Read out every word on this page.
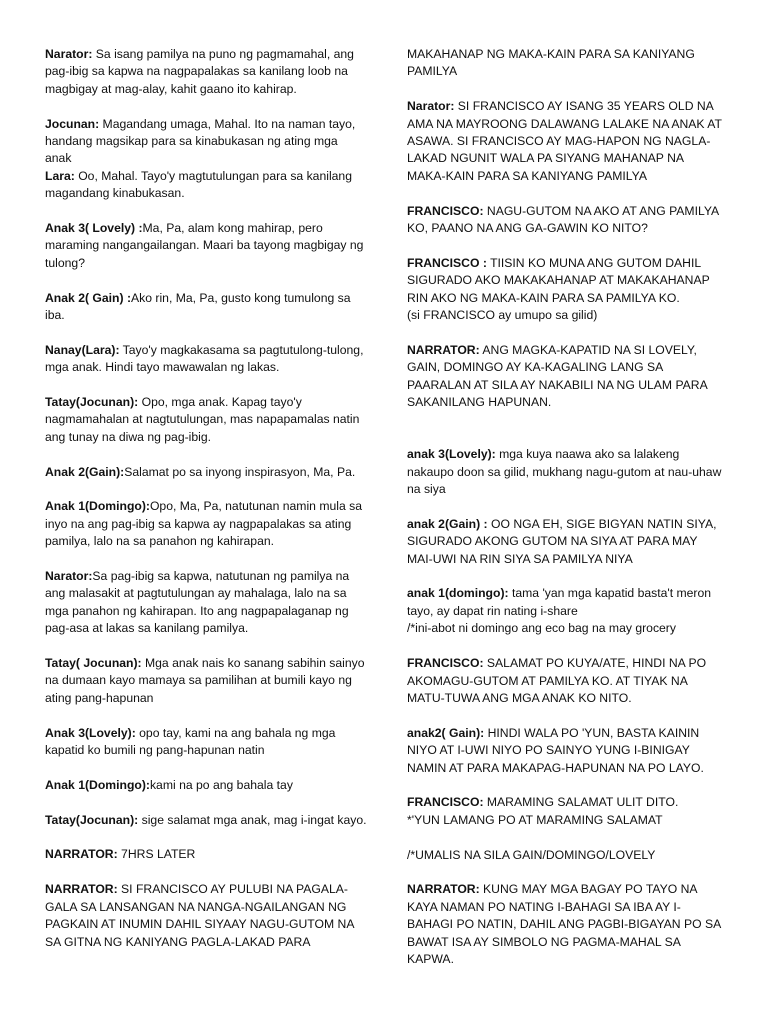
Narator: Sa isang pamilya na puno ng pagmamahal, ang pag-ibig sa kapwa na nagpapalakas sa kanilang loob na magbigay at mag-alay, kahit gaano ito kahirap.
Jocunan: Magandang umaga, Mahal. Ito na naman tayo, handang magsikap para sa kinabukasan ng ating mga anak
Lara: Oo, Mahal. Tayo'y magtutulungan para sa kanilang magandang kinabukasan.
Anak 3( Lovely) :Ma, Pa, alam kong mahirap, pero maraming nangangailangan. Maari ba tayong magbigay ng tulong?
Anak 2( Gain) :Ako rin, Ma, Pa, gusto kong tumulong sa iba.
Nanay(Lara): Tayo'y magkakasama sa pagtutulong-tulong, mga anak. Hindi tayo mawawalan ng lakas.
Tatay(Jocunan): Opo, mga anak. Kapag tayo'y nagmamahalan at nagtutulungan, mas napapamalas natin ang tunay na diwa ng pag-ibig.
Anak 2(Gain):Salamat po sa inyong inspirasyon, Ma, Pa.
Anak 1(Domingo):Opo, Ma, Pa, natutunan namin mula sa inyo na ang pag-ibig sa kapwa ay nagpapalakas sa ating pamilya, lalo na sa panahon ng kahirapan.
Narator:Sa pag-ibig sa kapwa, natutunan ng pamilya na ang malasakit at pagtutulungan ay mahalaga, lalo na sa mga panahon ng kahirapan. Ito ang nagpapalaganap ng pag-asa at lakas sa kanilang pamilya.
Tatay( Jocunan): Mga anak nais ko sanang sabihin sainyo na dumaan kayo mamaya sa pamilihan at bumili kayo ng ating pang-hapunan
Anak 3(Lovely): opo tay, kami na ang bahala ng mga kapatid ko bumili ng pang-hapunan natin
Anak 1(Domingo):kami na po ang bahala tay
Tatay(Jocunan): sige salamat mga anak, mag i-ingat kayo.
NARRATOR: 7HRS LATER
NARRATOR: SI FRANCISCO AY PULUBI NA PAGALA-GALA SA LANSANGAN NA NANGA-NGAILANGAN NG PAGKAIN AT INUMIN DAHIL SIYAAY NAGU-GUTOM NA SA GITNA NG KANIYANG PAGLA-LAKAD PARA
MAKAHANAP NG MAKA-KAIN PARA SA KANIYANG PAMILYA
Narator: SI FRANCISCO AY ISANG 35 YEARS OLD NA AMA NA MAYROONG DALAWANG LALAKE NA ANAK AT ASAWA. SI FRANCISCO AY MAG-HAPON NG NAGLA-LAKAD NGUNIT WALA PA SIYANG MAHANAP NA MAKA-KAIN PARA SA KANIYANG PAMILYA
FRANCISCO: NAGU-GUTOM NA AKO AT ANG PAMILYA KO, PAANO NA ANG GA-GAWIN KO NITO?
FRANCISCO : TIISIN KO MUNA ANG GUTOM DAHIL SIGURADO AKO MAKAKAHANAP AT MAKAKAHANAP RIN AKO NG MAKA-KAIN PARA SA PAMILYA KO.
(si FRANCISCO ay umupo sa gilid)
NARRATOR: ANG MAGKA-KAPATID NA SI LOVELY, GAIN, DOMINGO AY KA-KAGALING LANG SA PAARALAN AT SILA AY NAKABILI NA NG ULAM PARA SAKANILANG HAPUNAN.
anak 3(Lovely): mga kuya naawa ako sa lalakeng nakaupo doon sa gilid, mukhang nagu-gutom at nau-uhaw na siya
anak 2(Gain) : OO NGA EH, SIGE BIGYAN NATIN SIYA, SIGURADO AKONG GUTOM NA SIYA AT PARA MAY MAI-UWI NA RIN SIYA SA PAMILYA NIYA
anak 1(domingo): tama 'yan mga kapatid basta't meron tayo, ay dapat rin nating i-share
/*ini-abot ni domingo ang eco bag na may grocery
FRANCISCO: SALAMAT PO KUYA/ATE, HINDI NA PO AKOMAGU-GUTOM AT PAMILYA KO. AT TIYAK NA MATU-TUWA ANG MGA ANAK KO NITO.
anak2( Gain): HINDI WALA PO 'YUN, BASTA KAININ NIYO AT I-UWI NIYO PO SAINYO YUNG I-BINIGAY NAMIN AT PARA MAKAPAG-HAPUNAN NA PO LAYO.
FRANCISCO: MARAMING SALAMAT ULIT DITO.
*'YUN LAMANG PO AT MARAMING SALAMAT
/*UMALIS NA SILA GAIN/DOMINGO/LOVELY
NARRATOR: KUNG MAY MGA BAGAY PO TAYO NA KAYA NAMAN PO NATING I-BAHAGI SA IBA AY I-BAHAGI PO NATIN, DAHIL ANG PAGBI-BIGAYAN PO SA BAWAT ISA AY SIMBOLO NG PAGMA-MAHAL SA KAPWA.
